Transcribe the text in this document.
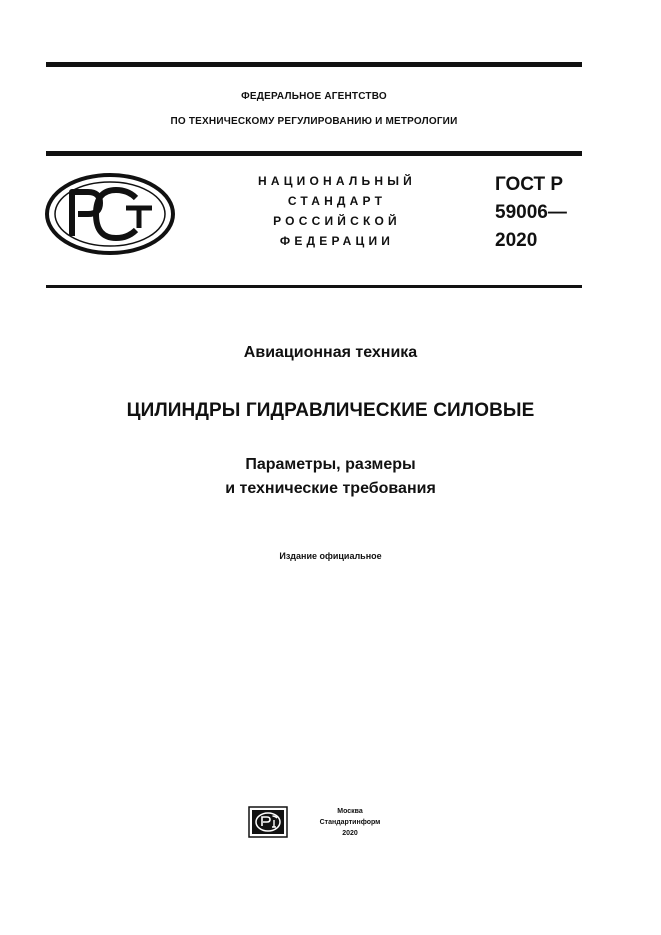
ФЕДЕРАЛЬНОЕ АГЕНТСТВО
ПО ТЕХНИЧЕСКОМУ РЕГУЛИРОВАНИЮ И МЕТРОЛОГИИ
НАЦИОНАЛЬНЫЙ
СТАНДАРТ
РОССИЙСКОЙ
ФЕДЕРАЦИИ
ГОСТ Р
59006—
2020
Авиационная техника
ЦИЛИНДРЫ ГИДРАВЛИЧЕСКИЕ СИЛОВЫЕ
Параметры, размеры
и технические требования
Издание официальное
Москва
Стандартинформ
2020
